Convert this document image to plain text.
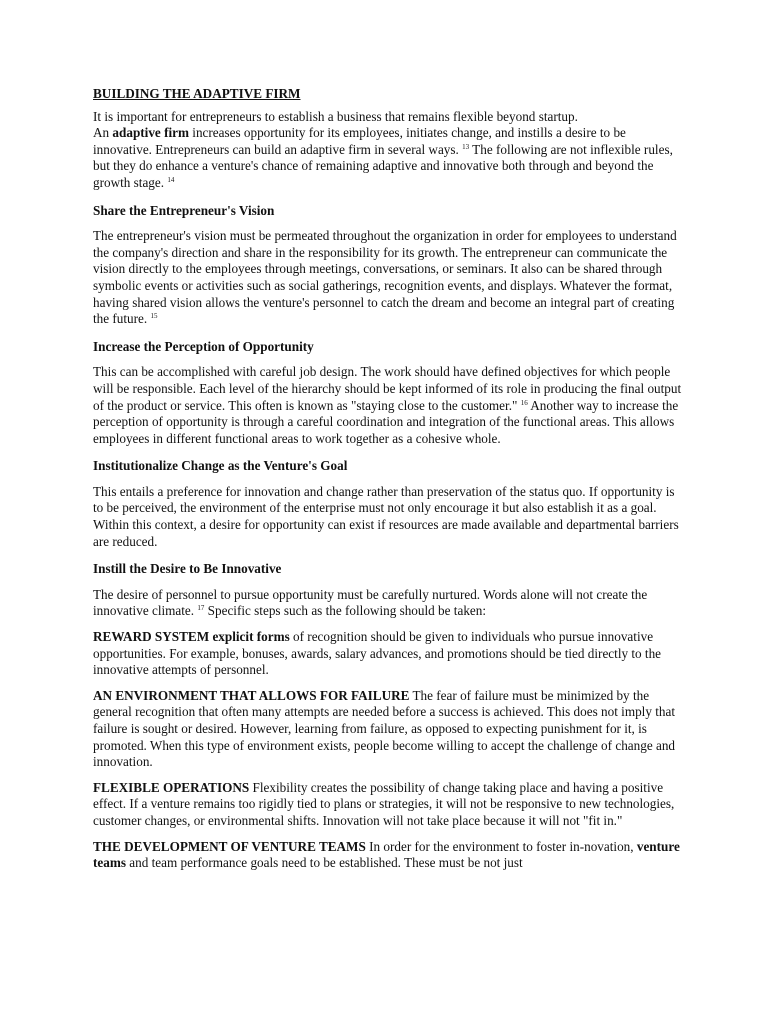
BUILDING THE ADAPTIVE FIRM

It is important for entrepreneurs to establish a business that remains flexible beyond startup.
An adaptive firm increases opportunity for its employees, initiates change, and instills a desire to be innovative. Entrepreneurs can build an adaptive firm in several ways. $^{13}$ The following are not inflexible rules, but they do enhance a venture's chance of remaining adaptive and innovative both through and beyond the growth stage. $^{14}$

Share the Entrepreneur's Vision

The entrepreneur's vision must be permeated throughout the organization in order for employees to understand the company's direction and share in the responsibility for its growth. The entrepreneur can communicate the vision directly to the employees through meetings, conversations, or seminars. It also can be shared through symbolic events or activities such as social gatherings, recognition events, and displays. Whatever the format, having shared vision allows the venture's personnel to catch the dream and become an integral part of creating the future. $^{15}$

Increase the Perception of Opportunity

This can be accomplished with careful job design. The work should have defined objectives for which people will be responsible. Each level of the hierarchy should be kept informed of its role in producing the final output of the product or service. This often is known as "staying close to the customer." $^{16}$ Another way to increase the perception of opportunity is through a careful coordination and integration of the functional areas. This allows employees in different functional areas to work together as a cohesive whole.

Institutionalize Change as the Venture's Goal

This entails a preference for innovation and change rather than preservation of the status quo. If opportunity is to be perceived, the environment of the enterprise must not only encourage it but also establish it as a goal. Within this context, a desire for opportunity can exist if resources are made available and departmental barriers are reduced.

Instill the Desire to Be Innovative

The desire of personnel to pursue opportunity must be carefully nurtured. Words alone will not create the innovative climate. $^{17}$ Specific steps such as the following should be taken:

REWARD SYSTEM explicit forms of recognition should be given to individuals who pursue innovative opportunities. For example, bonuses, awards, salary advances, and promotions should be tied directly to the innovative attempts of personnel.

AN ENVIRONMENT THAT ALLOWS FOR FAILURE The fear of failure must be minimized by the general recognition that often many attempts are needed before a success is achieved. This does not imply that failure is sought or desired. However, learning from failure, as opposed to expecting punishment for it, is promoted. When this type of environment exists, people become willing to accept the challenge of change and innovation.

FLEXIBLE OPERATIONS Flexibility creates the possibility of change taking place and having a positive effect. If a venture remains too rigidly tied to plans or strategies, it will not be responsive to new technologies, customer changes, or environmental shifts. Innovation will not take place because it will not "fit in."

THE DEVELOPMENT OF VENTURE TEAMS In order for the environment to foster in-novation, venture teams and team performance goals need to be established. These must be not just
